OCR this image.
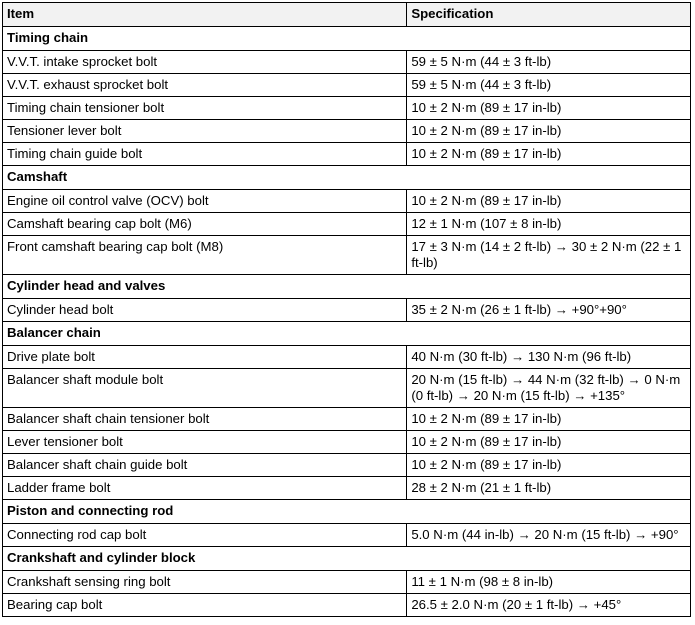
Item	Specification
Timing chain	
V.V.T. intake sprocket bolt	59 ± 5 N·m (44 ± 3 ft-lb)
V.V.T. exhaust sprocket bolt	59 ± 5 N·m (44 ± 3 ft-lb)
Timing chain tensioner bolt	10 ± 2 N·m (89 ± 17 in-lb)
Tensioner lever bolt	10 ± 2 N·m (89 ± 17 in-lb)
Timing chain guide bolt	10 ± 2 N·m (89 ± 17 in-lb)
Camshaft	
Engine oil control valve (OCV) bolt	10 ± 2 N·m (89 ± 17 in-lb)
Camshaft bearing cap bolt (M6)	12 ± 1 N·m (107 ± 8 in-lb)
Front camshaft bearing cap bolt (M8)	17 ± 3 N·m (14 ± 2 ft-lb) → 30 ± 2 N·m (22 ± 1 ft-lb)
Cylinder head and valves	
Cylinder head bolt	35 ± 2 N·m (26 ± 1 ft-lb) → +90°+90°
Balancer chain	
Drive plate bolt	40 N·m (30 ft-lb) → 130 N·m (96 ft-lb)
Balancer shaft module bolt	20 N·m (15 ft-lb) → 44 N·m (32 ft-lb) → 0 N·m (0 ft-lb) → 20 N·m (15 ft-lb) → +135°
Balancer shaft chain tensioner bolt	10 ± 2 N·m (89 ± 17 in-lb)
Lever tensioner bolt	10 ± 2 N·m (89 ± 17 in-lb)
Balancer shaft chain guide bolt	10 ± 2 N·m (89 ± 17 in-lb)
Ladder frame bolt	28 ± 2 N·m (21 ± 1 ft-lb)
Piston and connecting rod	
Connecting rod cap bolt	5.0 N·m (44 in-lb) → 20 N·m (15 ft-lb) → +90°
Crankshaft and cylinder block	
Crankshaft sensing ring bolt	11 ± 1 N·m (98 ± 8 in-lb)
Bearing cap bolt	26.5 ± 2.0 N·m (20 ± 1 ft-lb) → +45°
